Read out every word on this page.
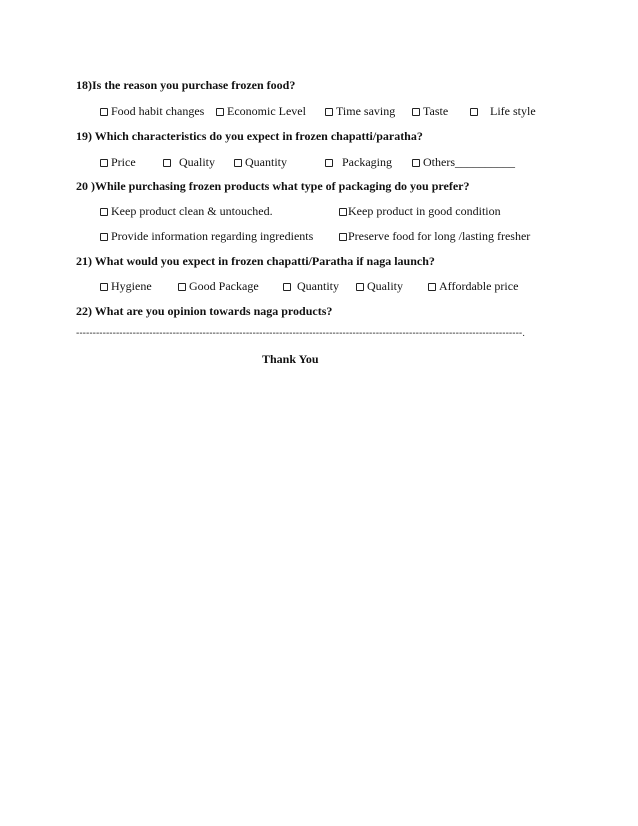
18)Is the reason you purchase frozen food?
Food habit changes Economic Level	Time saving Taste	Life style
19) Which characteristics do you expect in frozen chapatti/paratha?
Price	Quality	Quantity	Packaging	Others__________
20 )While purchasing frozen products what type of packaging do you prefer?
Keep product clean & untouched.	Keep product in good condition
Provide information regarding ingredients	Preserve food for long /lasting fresher
21) What would you expect in frozen chapatti/Paratha if naga launch?
Hygiene	Good Package	Quantity Quality	Affordable price
22) What are you opinion towards naga products?
--------------------------------------------------------------------------------------------------------------------------------------.
Thank You
